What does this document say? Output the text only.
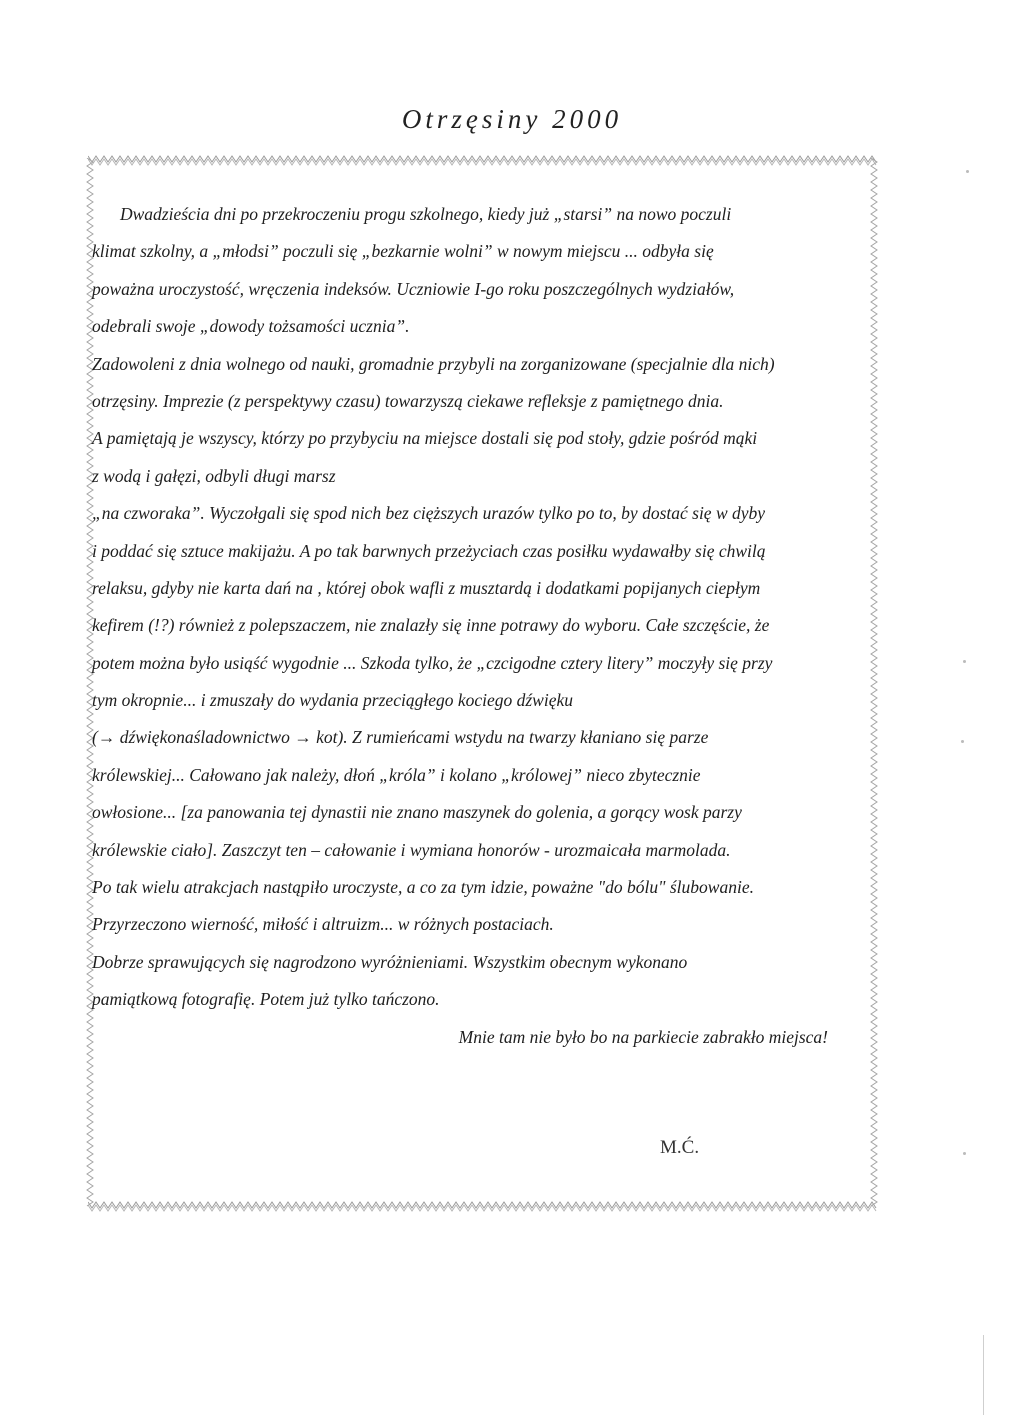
Otrzęsiny 2000
Dwadzieścia dni po przekroczeniu progu szkolnego, kiedy już „starsi” na nowo poczuli
klimat szkolny, a „młodsi” poczuli się „bezkarnie wolni” w nowym miejscu ... odbyła się
poważna uroczystość, wręczenia indeksów. Uczniowie I-go roku poszczególnych wydziałów,
odebrali swoje „dowody tożsamości ucznia”.
Zadowoleni z dnia wolnego od nauki, gromadnie przybyli na zorganizowane (specjalnie dla nich)
otrzęsiny. Imprezie (z perspektywy czasu) towarzyszą ciekawe refleksje z pamiętnego dnia.
A pamiętają je wszyscy, którzy po przybyciu na miejsce dostali się pod stoły, gdzie pośród mąki
z wodą i gałęzi, odbyli długi marsz
„na czworaka”. Wyczołgali się spod nich bez cięższych urazów tylko po to, by dostać się w dyby
i poddać się sztuce makijażu. A po tak barwnych przeżyciach czas posiłku wydawałby się chwilą
relaksu, gdyby nie karta dań na , której obok wafli z musztardą i dodatkami popijanych ciepłym
kefirem (!?) również z polepszaczem, nie znalazły się inne potrawy do wyboru. Całe szczęście, że
potem można było usiąść wygodnie ... Szkoda tylko, że „czcigodne cztery litery” moczyły się przy
tym okropnie... i zmuszały do wydania przeciągłego kociego dźwięku
(→ dźwiękonaśladownictwo → kot). Z rumieńcami wstydu na twarzy kłaniano się parze
królewskiej... Całowano jak należy, dłoń „króla” i kolano „królowej” nieco zbytecznie
owłosione... [za panowania tej dynastii nie znano maszynek do golenia, a gorący wosk parzy
królewskie ciało]. Zaszczyt ten – całowanie i wymiana honorów - urozmaicała marmolada.
Po tak wielu atrakcjach nastąpiło uroczyste, a co za tym idzie, poważne "do bólu" ślubowanie.
Przyrzeczono wierność, miłość i altruizm... w różnych postaciach.
Dobrze sprawujących się nagrodzono wyróżnieniami. Wszystkim obecnym wykonano
pamiątkową fotografię. Potem już tylko tańczono.
Mnie tam nie było bo na parkiecie zabrakło miejsca!
M.Ć.
